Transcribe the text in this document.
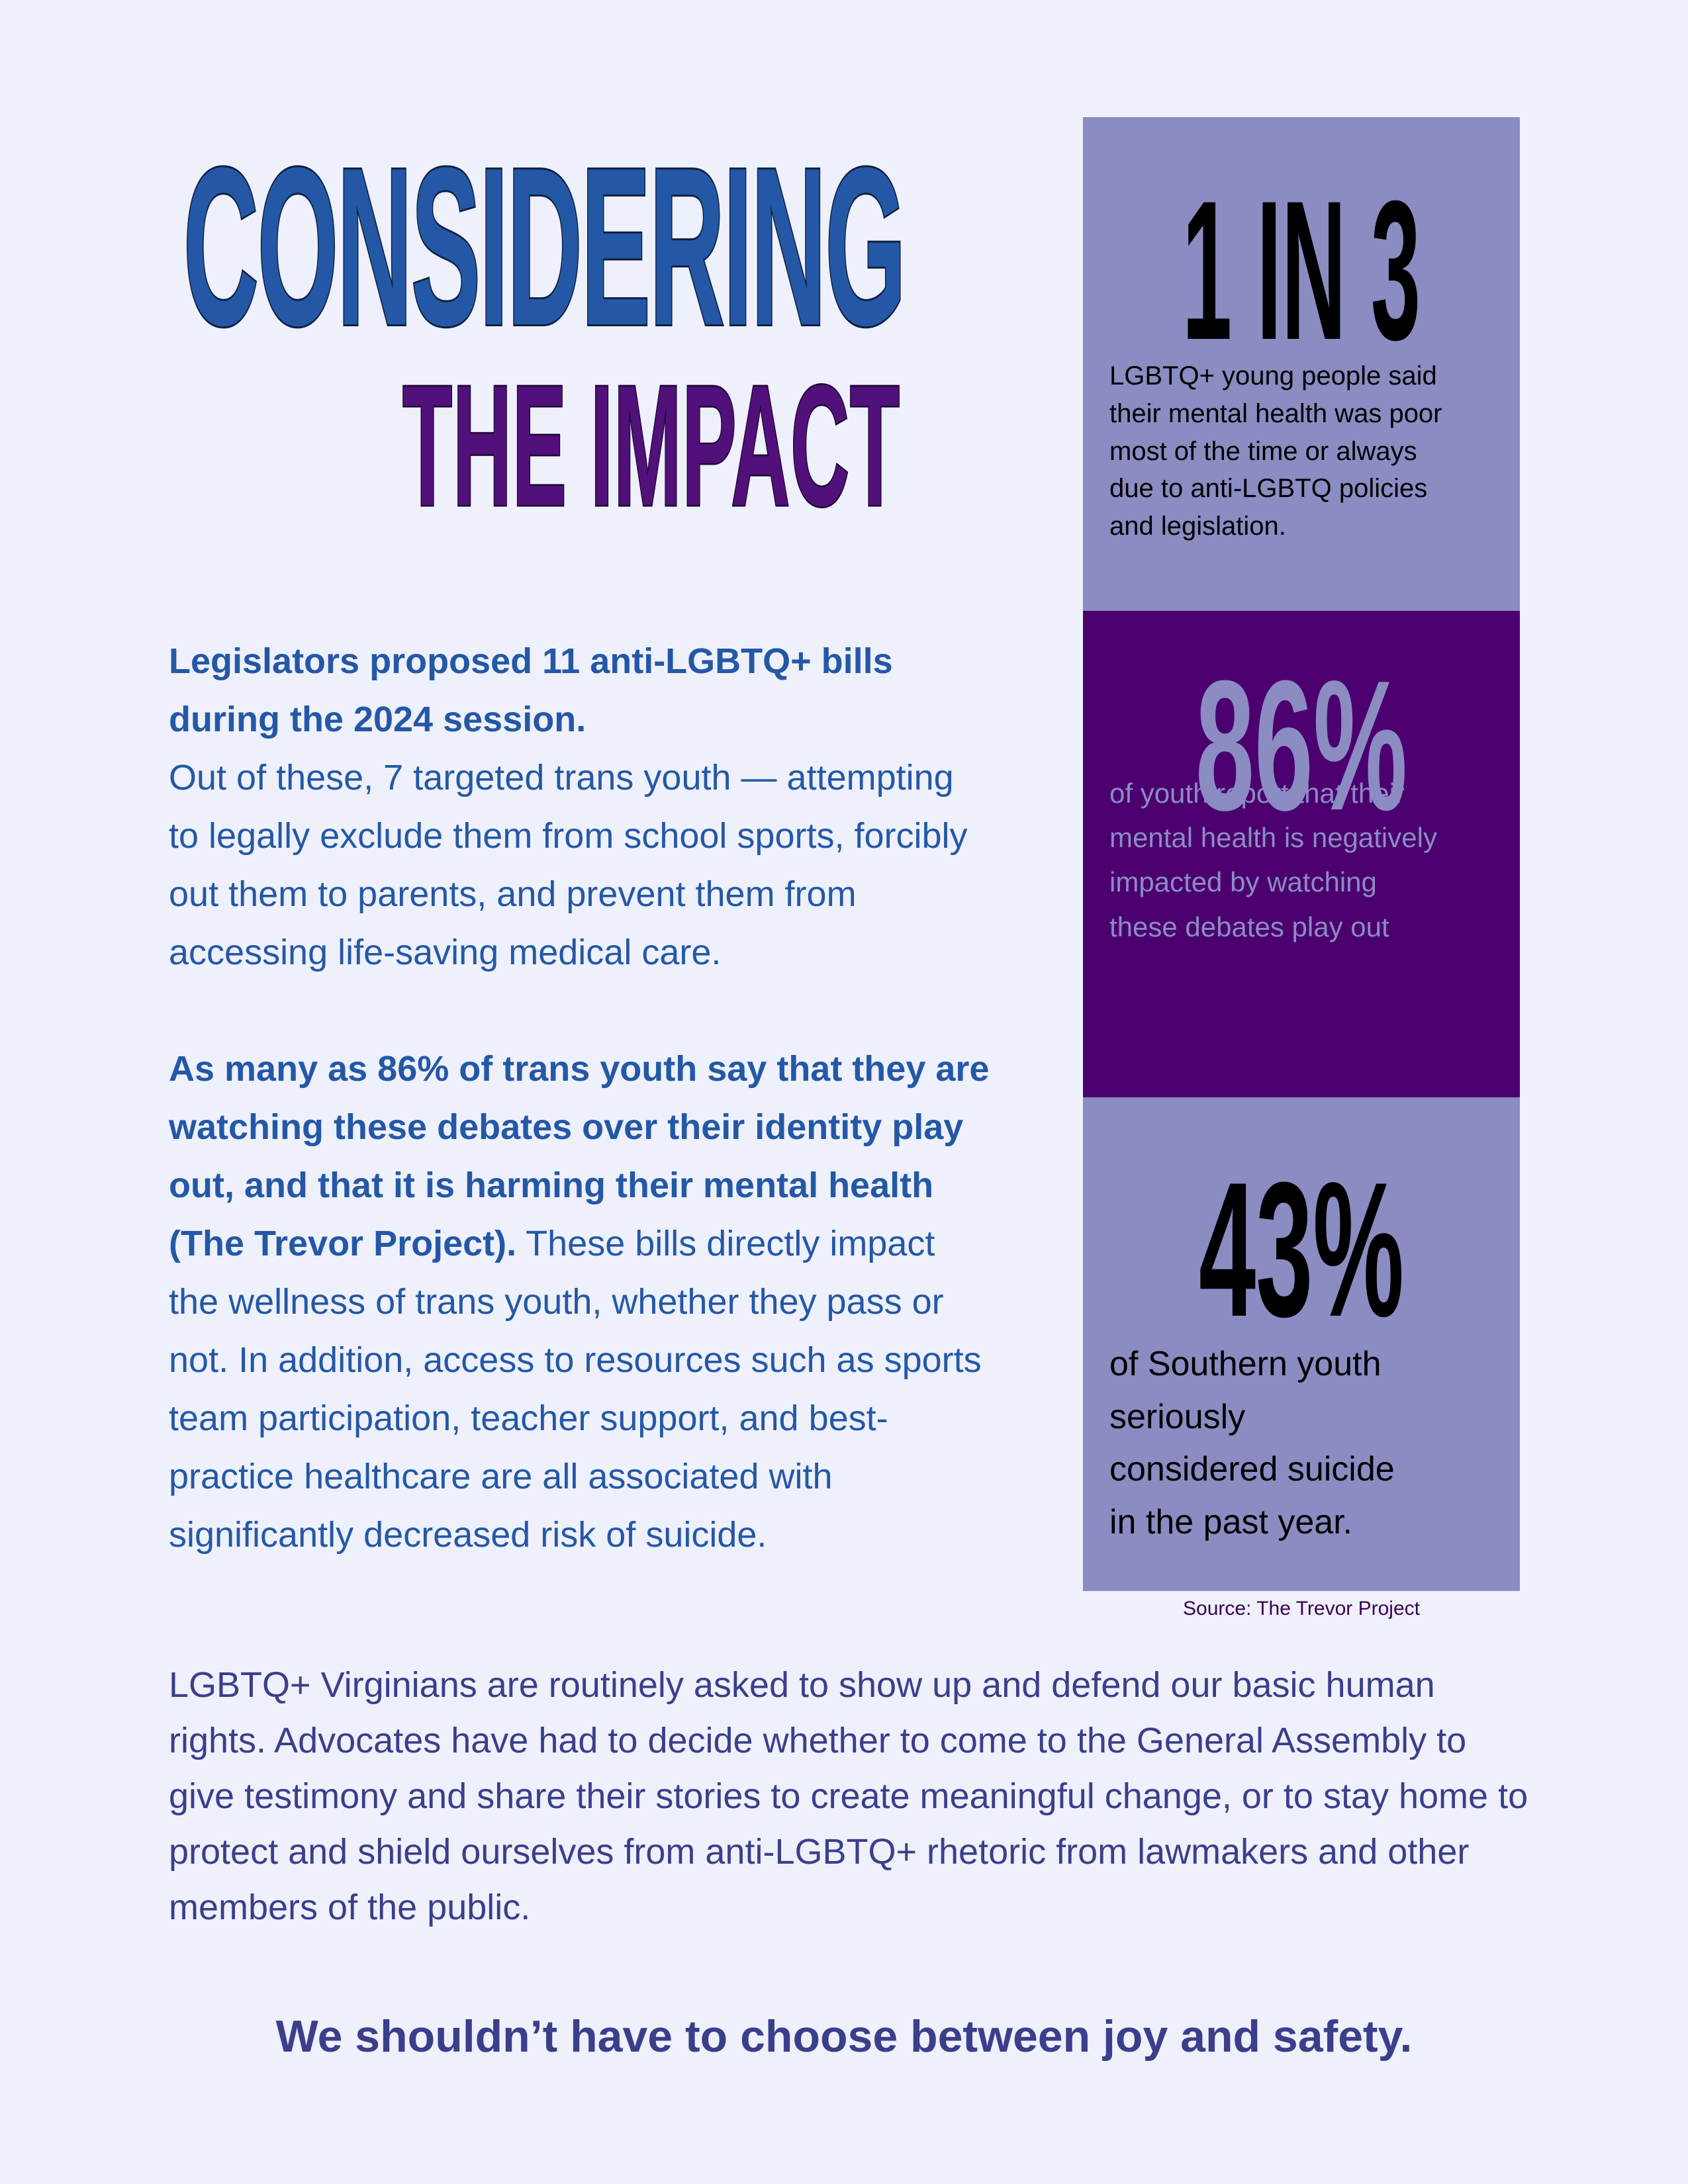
CONSIDERING
THE IMPACT
1 IN 3
86%
43%
LGBTQ+ young people said
their mental health was poor
most of the time or always
due to anti-LGBTQ policies
and legislation.
of youth report that their
mental health is negatively
impacted by watching
these debates play out
of Southern youth
seriously
considered suicide
in the past year.
Source: The Trevor Project

Legislators proposed 11 anti-LGBTQ+ bills during the 2024 session.
Out of these, 7 targeted trans youth — attempting to legally exclude them from school sports, forcibly out them to parents, and prevent them from accessing life-saving medical care.

As many as 86% of trans youth say that they are watching these debates over their identity play out, and that it is harming their mental health (The Trevor Project). These bills directly impact the wellness of trans youth, whether they pass or not. In addition, access to resources such as sports team participation, teacher support, and best-practice healthcare are all associated with significantly decreased risk of suicide.

LGBTQ+ Virginians are routinely asked to show up and defend our basic human rights. Advocates have had to decide whether to come to the General Assembly to give testimony and share their stories to create meaningful change, or to stay home to protect and shield ourselves from anti-LGBTQ+ rhetoric from lawmakers and other members of the public.
We shouldn’t have to choose between joy and safety.
